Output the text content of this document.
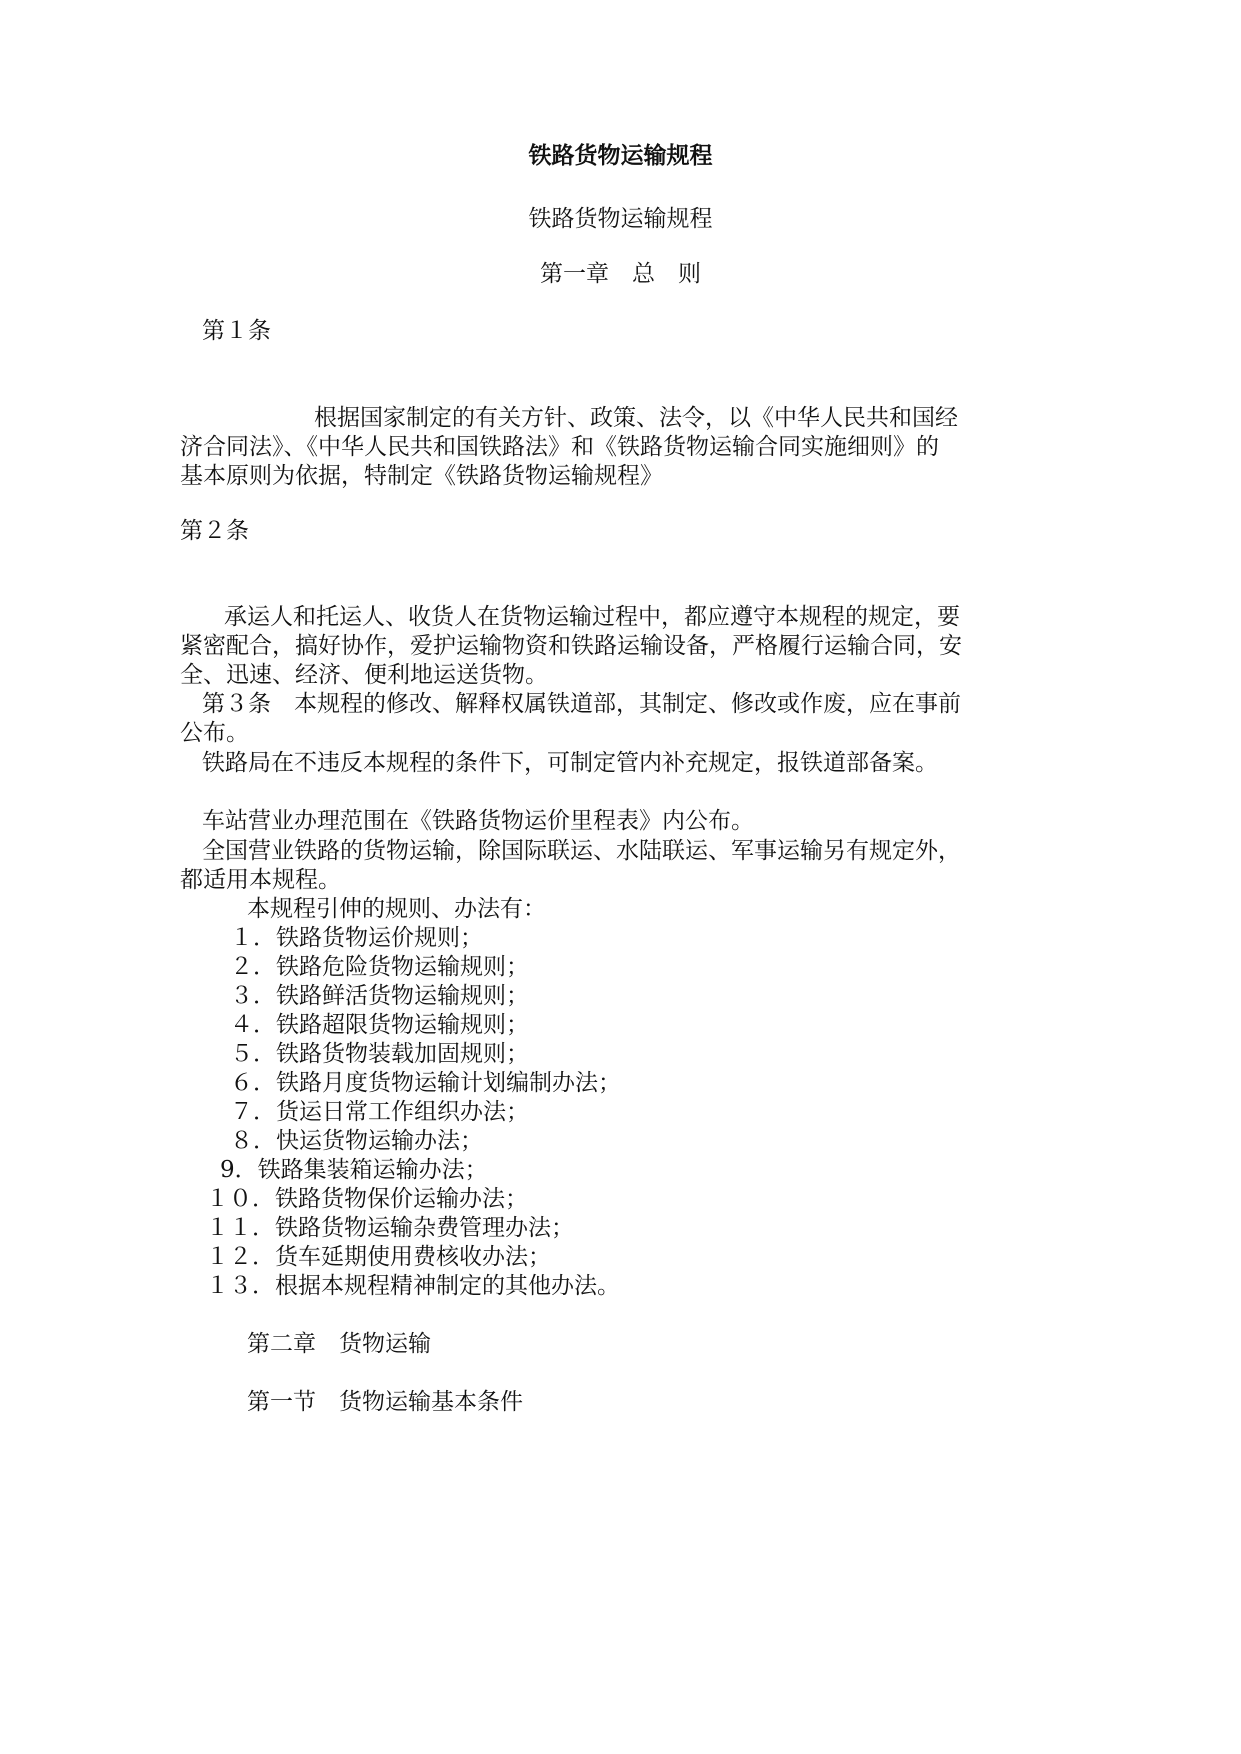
铁路货物运输规程

铁路货物运输规程

第一章　总　则

第１条

根据国家制定的有关方针、政策、法令，以《中华人民共和国经

济合同法》、《中华人民共和国铁路法》和《铁路货物运输合同实施细则》的

基本原则为依据，特制定《铁路货物运输规程》

第２条

承运人和托运人、收货人在货物运输过程中，都应遵守本规程的规定，要

紧密配合，搞好协作，爱护运输物资和铁路运输设备，严格履行运输合同，安

全、迅速、经济、便利地运送货物。

第３条　本规程的修改、解释权属铁道部，其制定、修改或作废，应在事前

公布。

铁路局在不违反本规程的条件下，可制定管内补充规定，报铁道部备案。

车站营业办理范围在《铁路货物运价里程表》内公布。

全国营业铁路的货物运输，除国际联运、水陆联运、军事运输另有规定外，

都适用本规程。

本规程引伸的规则、办法有：

１．铁路货物运价规则；

２．铁路危险货物运输规则；

３．铁路鲜活货物运输规则；

４．铁路超限货物运输规则；

５．铁路货物装载加固规则；

６．铁路月度货物运输计划编制办法；

７．货运日常工作组织办法；

８．快运货物运输办法；

9．铁路集装箱运输办法；

１０．铁路货物保价运输办法；

１１．铁路货物运输杂费管理办法；

１２．货车延期使用费核收办法；

１３．根据本规程精神制定的其他办法。

第二章　货物运输

第一节　货物运输基本条件
